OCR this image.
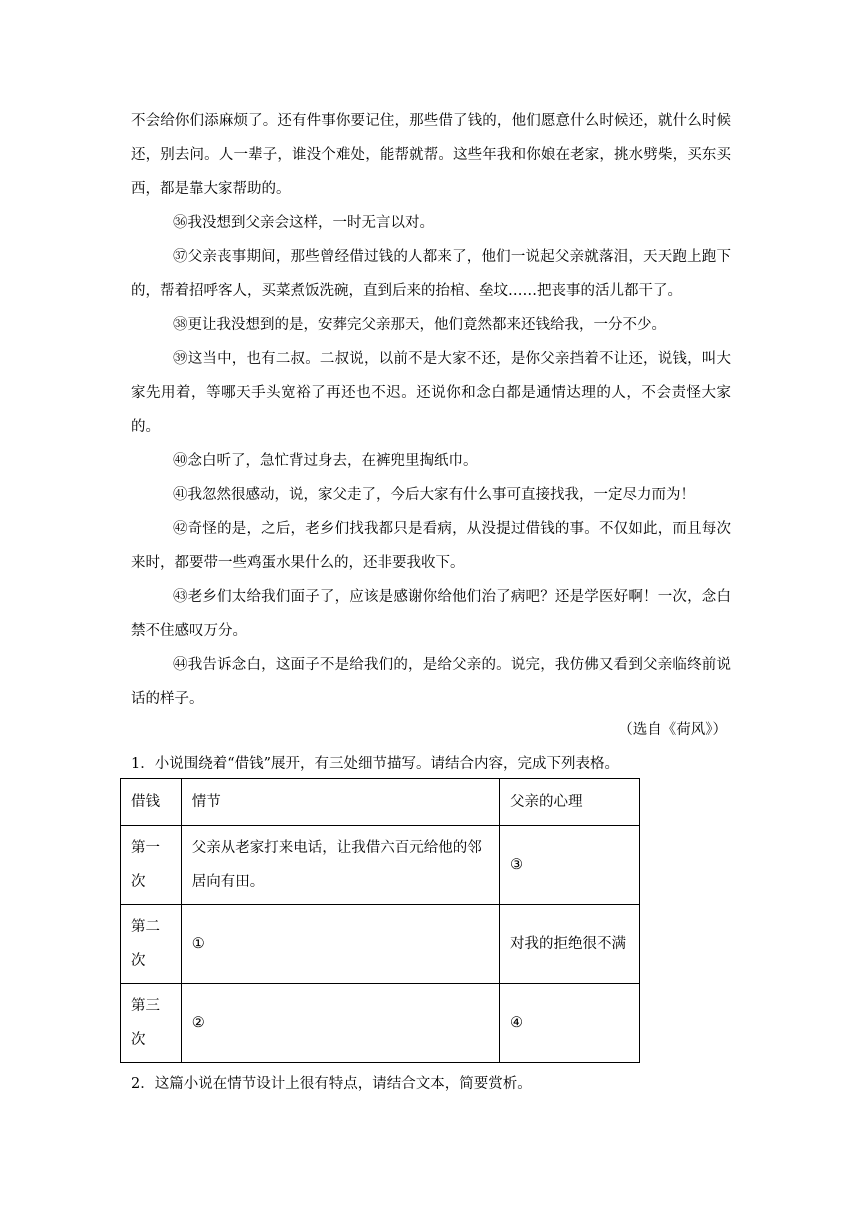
不会给你们添麻烦了。还有件事你要记住，那些借了钱的，他们愿意什么时候还，就什么时候还，别去问。人一辈子，谁没个难处，能帮就帮。这些年我和你娘在老家，挑水劈柴，买东买西，都是靠大家帮助的。

㊱我没想到父亲会这样，一时无言以对。

㊲父亲丧事期间，那些曾经借过钱的人都来了，他们一说起父亲就落泪，天天跑上跑下的，帮着招呼客人，买菜煮饭洗碗，直到后来的抬棺、垒坟……把丧事的活儿都干了。

㊳更让我没想到的是，安葬完父亲那天，他们竟然都来还钱给我，一分不少。

㊴这当中，也有二叔。二叔说，以前不是大家不还，是你父亲挡着不让还，说钱，叫大家先用着，等哪天手头宽裕了再还也不迟。还说你和念白都是通情达理的人，不会责怪大家的。

㊵念白听了，急忙背过身去，在裤兜里掏纸巾。

㊶我忽然很感动，说，家父走了，今后大家有什么事可直接找我，一定尽力而为！

㊷奇怪的是，之后，老乡们找我都只是看病，从没提过借钱的事。不仅如此，而且每次来时，都要带一些鸡蛋水果什么的，还非要我收下。

㊸老乡们太给我们面子了，应该是感谢你给他们治了病吧？还是学医好啊！一次，念白禁不住感叹万分。

㊹我告诉念白，这面子不是给我们的，是给父亲的。说完，我仿佛又看到父亲临终前说话的样子。

（选自《荷风》）

1．小说围绕着“借钱”展开，有三处细节描写。请结合内容，完成下列表格。

借钱	情节	父亲的心理
第一次	父亲从老家打来电话，让我借六百元给他的邻居向有田。	③
第二次	①	对我的拒绝很不满
第三次	②	④

2．这篇小说在情节设计上很有特点，请结合文本，简要赏析。
